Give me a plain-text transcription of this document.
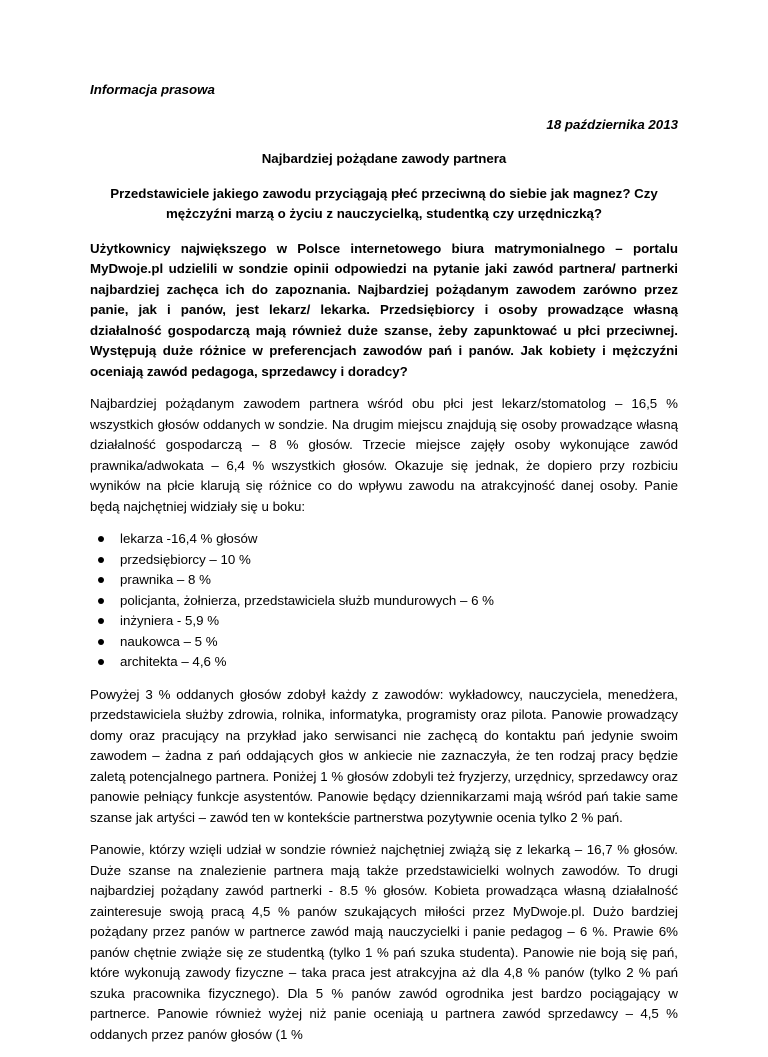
Informacja prasowa

18 października 2013

Najbardziej pożądane zawody partnera

Przedstawiciele jakiego zawodu przyciągają płeć przeciwną do siebie jak magnez? Czy mężczyźni marzą o życiu z nauczycielką, studentką czy urzędniczką?

Użytkownicy największego w Polsce internetowego biura matrymonialnego – portalu MyDwoje.pl udzielili w sondzie opinii odpowiedzi na pytanie jaki zawód partnera/ partnerki najbardziej zachęca ich do zapoznania. Najbardziej pożądanym zawodem zarówno przez panie, jak i panów, jest lekarz/ lekarka. Przedsiębiorcy i osoby prowadzące własną działalność gospodarczą mają również duże szanse, żeby zapunktować u płci przeciwnej. Występują duże różnice w preferencjach zawodów pań i panów. Jak kobiety i mężczyźni oceniają zawód pedagoga, sprzedawcy i doradcy?

Najbardziej pożądanym zawodem partnera wśród obu płci jest lekarz/stomatolog – 16,5 % wszystkich głosów oddanych w sondzie. Na drugim miejscu znajdują się osoby prowadzące własną działalność gospodarczą – 8 % głosów. Trzecie miejsce zajęły osoby wykonujące zawód prawnika/adwokata – 6,4 % wszystkich głosów. Okazuje się jednak, że dopiero przy rozbiciu wyników na płcie klarują się różnice co do wpływu zawodu na atrakcyjność danej osoby. Panie będą najchętniej widziały się u boku:

lekarza -16,4 % głosów
przedsiębiorcy – 10 %
prawnika – 8 %
policjanta, żołnierza, przedstawiciela służb mundurowych – 6 %
inżyniera - 5,9 %
naukowca – 5 %
architekta – 4,6 %

Powyżej 3 % oddanych głosów zdobył każdy z zawodów: wykładowcy, nauczyciela, menedżera, przedstawiciela służby zdrowia, rolnika, informatyka, programisty oraz pilota. Panowie prowadzący domy oraz pracujący na przykład jako serwisanci nie zachęcą do kontaktu pań jedynie swoim zawodem – żadna z pań oddających głos w ankiecie nie zaznaczyła, że ten rodzaj pracy będzie zaletą potencjalnego partnera. Poniżej 1 % głosów zdobyli też fryzjerzy, urzędnicy, sprzedawcy oraz panowie pełniący funkcje asystentów. Panowie będący dziennikarzami mają wśród pań takie same szanse jak artyści – zawód ten w kontekście partnerstwa pozytywnie ocenia tylko 2 % pań.

Panowie, którzy wzięli udział w sondzie również najchętniej zwiążą się z lekarką – 16,7 % głosów. Duże szanse na znalezienie partnera mają także przedstawicielki wolnych zawodów. To drugi najbardziej pożądany zawód partnerki - 8.5 % głosów. Kobieta prowadząca własną działalność zainteresuje swoją pracą 4,5 % panów szukających miłości przez MyDwoje.pl. Dużo bardziej pożądany przez panów w partnerce zawód mają nauczycielki i panie pedagog – 6 %. Prawie 6% panów chętnie zwiąże się ze studentką (tylko 1 % pań szuka studenta). Panowie nie boją się pań, które wykonują zawody fizyczne – taka praca jest atrakcyjna aż dla 4,8 % panów (tylko 2 % pań szuka pracownika fizycznego). Dla 5 % panów zawód ogrodnika jest bardzo pociągający w partnerce. Panowie również wyżej niż panie oceniają u partnera zawód sprzedawcy – 4,5 % oddanych przez panów głosów (1 %
